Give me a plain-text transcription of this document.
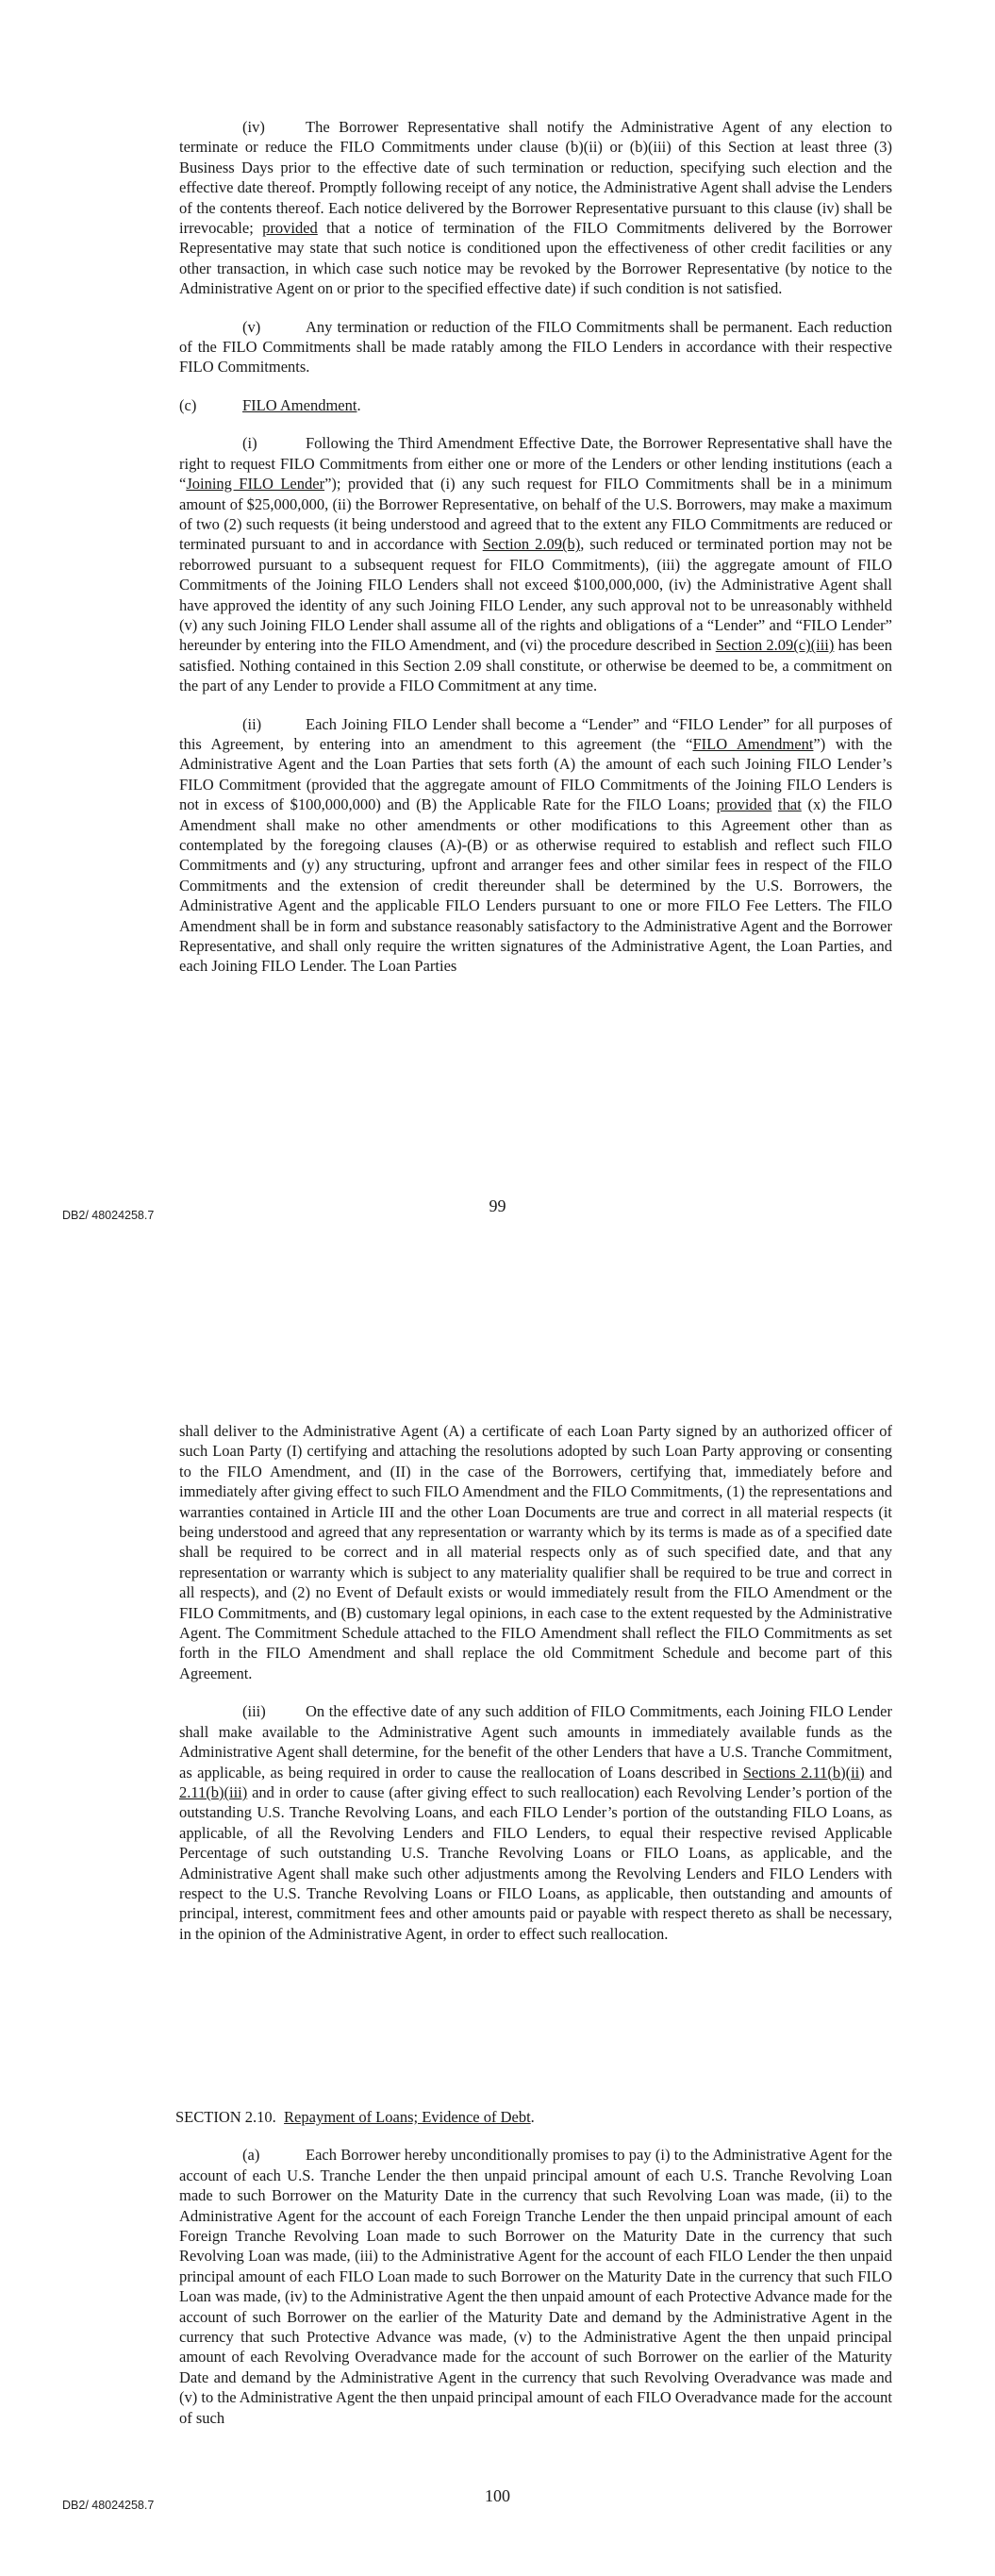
(iv)	The Borrower Representative shall notify the Administrative Agent of any election to terminate or reduce the FILO Commitments under clause (b)(ii) or (b)(iii) of this Section at least three (3) Business Days prior to the effective date of such termination or reduction, specifying such election and the effective date thereof. Promptly following receipt of any notice, the Administrative Agent shall advise the Lenders of the contents thereof. Each notice delivered by the Borrower Representative pursuant to this clause (iv) shall be irrevocable; provided that a notice of termination of the FILO Commitments delivered by the Borrower Representative may state that such notice is conditioned upon the effectiveness of other credit facilities or any other transaction, in which case such notice may be revoked by the Borrower Representative (by notice to the Administrative Agent on or prior to the specified effective date) if such condition is not satisfied.

(v)	Any termination or reduction of the FILO Commitments shall be permanent. Each reduction of the FILO Commitments shall be made ratably among the FILO Lenders in accordance with their respective FILO Commitments.

(c)	FILO Amendment.

(i)	Following the Third Amendment Effective Date, the Borrower Representative shall have the right to request FILO Commitments from either one or more of the Lenders or other lending institutions (each a “Joining FILO Lender”); provided that (i) any such request for FILO Commitments shall be in a minimum amount of $25,000,000, (ii) the Borrower Representative, on behalf of the U.S. Borrowers, may make a maximum of two (2) such requests (it being understood and agreed that to the extent any FILO Commitments are reduced or terminated pursuant to and in accordance with Section 2.09(b), such reduced or terminated portion may not be reborrowed pursuant to a subsequent request for FILO Commitments), (iii) the aggregate amount of FILO Commitments of the Joining FILO Lenders shall not exceed $100,000,000, (iv) the Administrative Agent shall have approved the identity of any such Joining FILO Lender, any such approval not to be unreasonably withheld (v) any such Joining FILO Lender shall assume all of the rights and obligations of a “Lender” and “FILO Lender” hereunder by entering into the FILO Amendment, and (vi) the procedure described in Section 2.09(c)(iii) has been satisfied. Nothing contained in this Section 2.09 shall constitute, or otherwise be deemed to be, a commitment on the part of any Lender to provide a FILO Commitment at any time.

(ii)	Each Joining FILO Lender shall become a “Lender” and “FILO Lender” for all purposes of this Agreement, by entering into an amendment to this agreement (the “FILO Amendment”) with the Administrative Agent and the Loan Parties that sets forth (A) the amount of each such Joining FILO Lender’s FILO Commitment (provided that the aggregate amount of FILO Commitments of the Joining FILO Lenders is not in excess of $100,000,000) and (B) the Applicable Rate for the FILO Loans; provided that (x) the FILO Amendment shall make no other amendments or other modifications to this Agreement other than as contemplated by the foregoing clauses (A)-(B) or as otherwise required to establish and reflect such FILO Commitments and (y) any structuring, upfront and arranger fees and other similar fees in respect of the FILO Commitments and the extension of credit thereunder shall be determined by the U.S. Borrowers, the Administrative Agent and the applicable FILO Lenders pursuant to one or more FILO Fee Letters. The FILO Amendment shall be in form and substance reasonably satisfactory to the Administrative Agent and the Borrower Representative, and shall only require the written signatures of the Administrative Agent, the Loan Parties, and each Joining FILO Lender. The Loan Parties

DB2/ 48024258.7	99

shall deliver to the Administrative Agent (A) a certificate of each Loan Party signed by an authorized officer of such Loan Party (I) certifying and attaching the resolutions adopted by such Loan Party approving or consenting to the FILO Amendment, and (II) in the case of the Borrowers, certifying that, immediately before and immediately after giving effect to such FILO Amendment and the FILO Commitments, (1) the representations and warranties contained in Article III and the other Loan Documents are true and correct in all material respects (it being understood and agreed that any representation or warranty which by its terms is made as of a specified date shall be required to be correct and in all material respects only as of such specified date, and that any representation or warranty which is subject to any materiality qualifier shall be required to be true and correct in all respects), and (2) no Event of Default exists or would immediately result from the FILO Amendment or the FILO Commitments, and (B) customary legal opinions, in each case to the extent requested by the Administrative Agent. The Commitment Schedule attached to the FILO Amendment shall reflect the FILO Commitments as set forth in the FILO Amendment and shall replace the old Commitment Schedule and become part of this Agreement.

(iii)	On the effective date of any such addition of FILO Commitments, each Joining FILO Lender shall make available to the Administrative Agent such amounts in immediately available funds as the Administrative Agent shall determine, for the benefit of the other Lenders that have a U.S. Tranche Commitment, as applicable, as being required in order to cause the reallocation of Loans described in Sections 2.11(b)(ii) and 2.11(b)(iii) and in order to cause (after giving effect to such reallocation) each Revolving Lender’s portion of the outstanding U.S. Tranche Revolving Loans, and each FILO Lender’s portion of the outstanding FILO Loans, as applicable, of all the Revolving Lenders and FILO Lenders, to equal their respective revised Applicable Percentage of such outstanding U.S. Tranche Revolving Loans or FILO Loans, as applicable, and the Administrative Agent shall make such other adjustments among the Revolving Lenders and FILO Lenders with respect to the U.S. Tranche Revolving Loans or FILO Loans, as applicable, then outstanding and amounts of principal, interest, commitment fees and other amounts paid or payable with respect thereto as shall be necessary, in the opinion of the Administrative Agent, in order to effect such reallocation.

SECTION 2.10. Repayment of Loans; Evidence of Debt.

(a)	Each Borrower hereby unconditionally promises to pay (i) to the Administrative Agent for the account of each U.S. Tranche Lender the then unpaid principal amount of each U.S. Tranche Revolving Loan made to such Borrower on the Maturity Date in the currency that such Revolving Loan was made, (ii) to the Administrative Agent for the account of each Foreign Tranche Lender the then unpaid principal amount of each Foreign Tranche Revolving Loan made to such Borrower on the Maturity Date in the currency that such Revolving Loan was made, (iii) to the Administrative Agent for the account of each FILO Lender the then unpaid principal amount of each FILO Loan made to such Borrower on the Maturity Date in the currency that such FILO Loan was made, (iv) to the Administrative Agent the then unpaid amount of each Protective Advance made for the account of such Borrower on the earlier of the Maturity Date and demand by the Administrative Agent in the currency that such Protective Advance was made, (v) to the Administrative Agent the then unpaid principal amount of each Revolving Overadvance made for the account of such Borrower on the earlier of the Maturity Date and demand by the Administrative Agent in the currency that such Revolving Overadvance was made and (v) to the Administrative Agent the then unpaid principal amount of each FILO Overadvance made for the account of such

DB2/ 48024258.7	100
